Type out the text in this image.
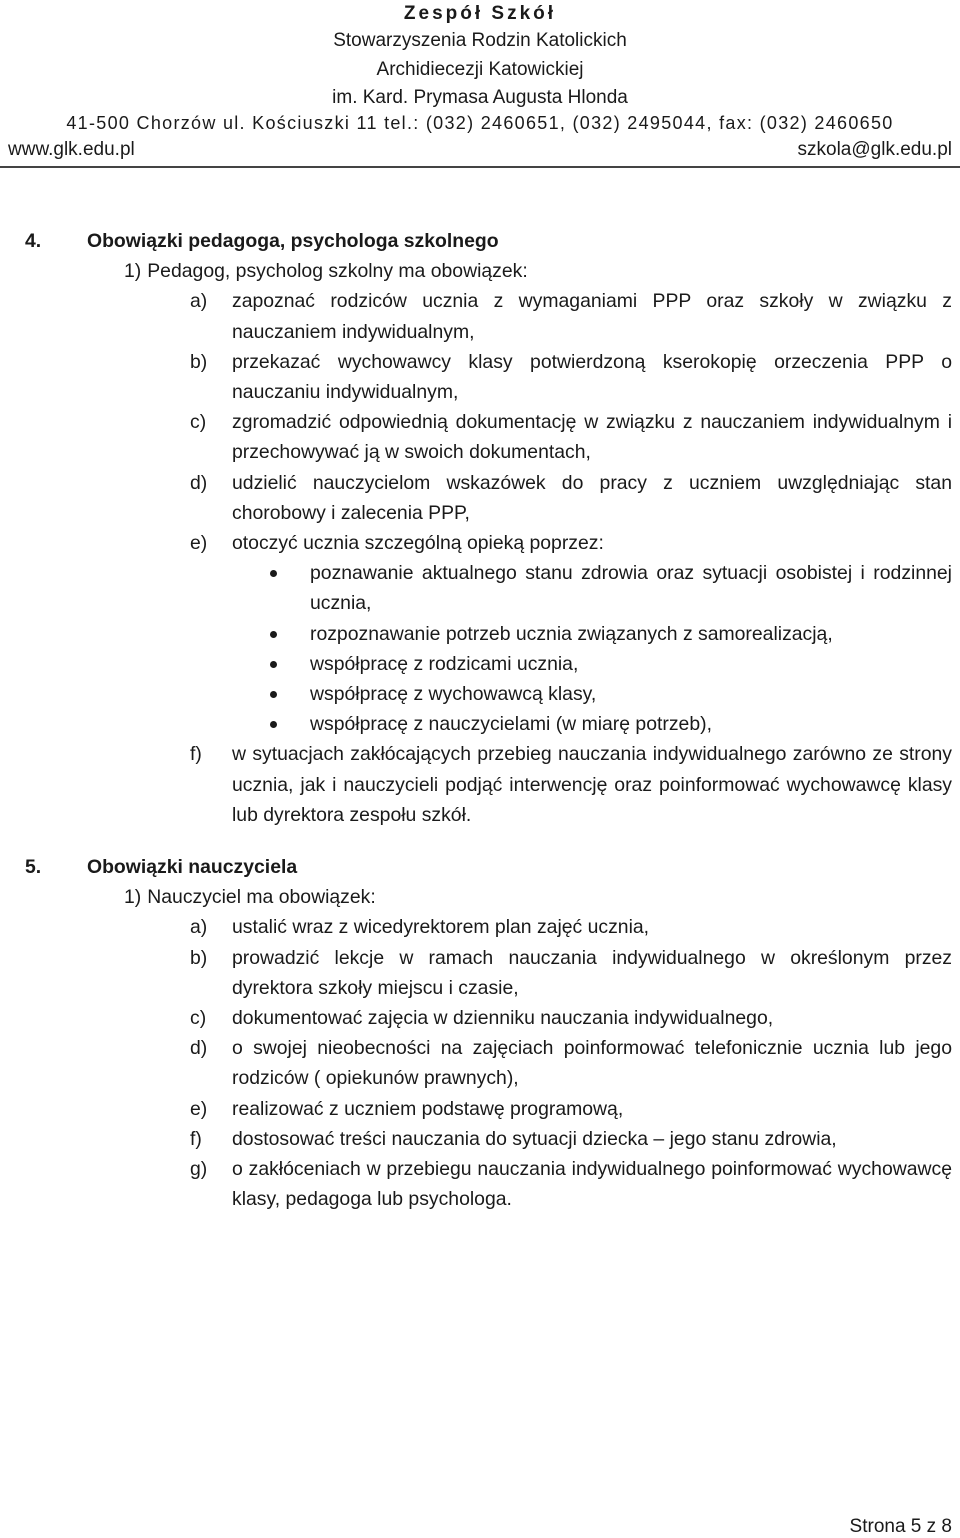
Zespół Szkół
Stowarzyszenia Rodzin Katolickich
Archidiecezji Katowickiej
im. Kard. Prymasa Augusta Hlonda
41-500 Chorzów ul. Kościuszki 11 tel.: (032) 2460651, (032) 2495044, fax: (032) 2460650
www.glk.edu.pl	szkola@glk.edu.pl
4. Obowiązki pedagoga, psychologa szkolnego
1) Pedagog, psycholog szkolny ma obowiązek:
a) zapoznać rodziców ucznia z wymaganiami PPP oraz szkoły w związku z nauczaniem indywidualnym,
b) przekazać wychowawcy klasy potwierdzoną kserokopię orzeczenia PPP o nauczaniu indywidualnym,
c) zgromadzić odpowiednią dokumentację w związku z nauczaniem indywidualnym i przechowywać ją w swoich dokumentach,
d) udzielić nauczycielom wskazówek do pracy z uczniem uwzględniając stan chorobowy i zalecenia PPP,
e) otoczyć ucznia szczególną opieką poprzez:
poznawanie aktualnego stanu zdrowia oraz sytuacji osobistej i rodzinnej ucznia,
rozpoznawanie potrzeb ucznia związanych z samorealizacją,
współpracę z rodzicami ucznia,
współpracę z wychowawcą klasy,
współpracę z nauczycielami (w miarę potrzeb),
f) w sytuacjach zakłócających przebieg nauczania indywidualnego zarówno ze strony ucznia, jak i nauczycieli podjąć interwencję oraz poinformować wychowawcę klasy lub dyrektora zespołu szkół.
5. Obowiązki nauczyciela
1) Nauczyciel ma obowiązek:
a) ustalić wraz z wicedyrektorem plan zajęć ucznia,
b) prowadzić lekcje w ramach nauczania indywidualnego w określonym przez dyrektora szkoły miejscu i czasie,
c) dokumentować zajęcia w dzienniku nauczania indywidualnego,
d) o swojej nieobecności na zajęciach poinformować telefonicznie ucznia lub jego rodziców ( opiekunów prawnych),
e) realizować z uczniem podstawę programową,
f) dostosować treści nauczania do sytuacji dziecka – jego stanu zdrowia,
g) o zakłóceniach w przebiegu nauczania indywidualnego poinformować wychowawcę klasy, pedagoga lub psychologa.
Strona 5 z 8
